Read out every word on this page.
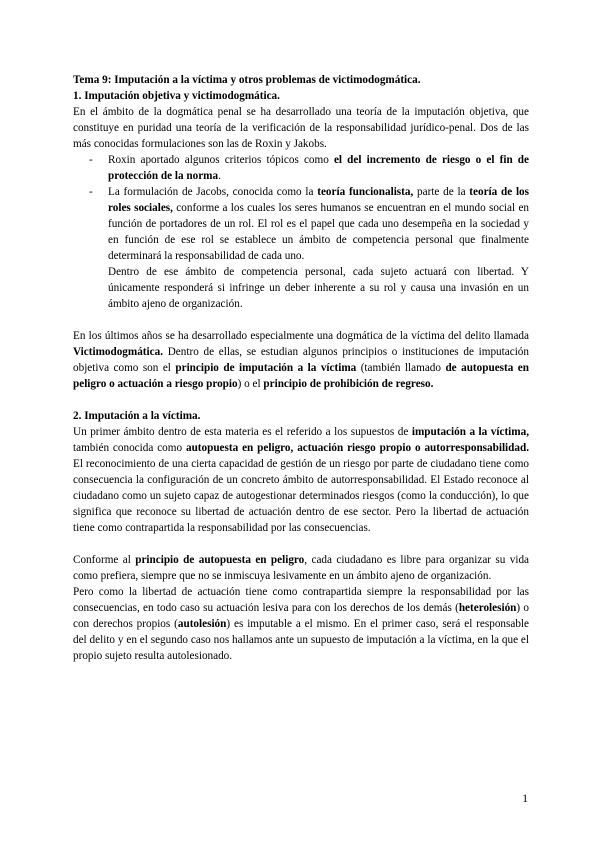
Tema 9: Imputación a la víctima y otros problemas de victimodogmática.

1. Imputación objetiva y victimodogmática.

En el ámbito de la dogmática penal se ha desarrollado una teoría de la imputación objetiva, que constituye en puridad una teoría de la verificación de la responsabilidad jurídico-penal. Dos de las más conocidas formulaciones son las de Roxin y Jakobs.

- Roxin aportado algunos criterios tópicos como el del incremento de riesgo o el fin de protección de la norma.
- La formulación de Jacobs, conocida como la teoría funcionalista, parte de la teoría de los roles sociales, conforme a los cuales los seres humanos se encuentran en el mundo social en función de portadores de un rol. El rol es el papel que cada uno desempeña en la sociedad y en función de ese rol se establece un ámbito de competencia personal que finalmente determinará la responsabilidad de cada uno.

Dentro de ese ámbito de competencia personal, cada sujeto actuará con libertad. Y únicamente responderá si infringe un deber inherente a su rol y causa una invasión en un ámbito ajeno de organización.

En los últimos años se ha desarrollado especialmente una dogmática de la víctima del delito llamada Victimodogmática. Dentro de ellas, se estudian algunos principios o instituciones de imputación objetiva como son el principio de imputación a la víctima (también llamado de autopuesta en peligro o actuación a riesgo propio) o el principio de prohibición de regreso.

2. Imputación a la víctima.

Un primer ámbito dentro de esta materia es el referido a los supuestos de imputación a la víctima, también conocida como autopuesta en peligro, actuación riesgo propio o autorresponsabilidad. El reconocimiento de una cierta capacidad de gestión de un riesgo por parte de ciudadano tiene como consecuencia la configuración de un concreto ámbito de autorresponsabilidad. El Estado reconoce al ciudadano como un sujeto capaz de autogestionar determinados riesgos (como la conducción), lo que significa que reconoce su libertad de actuación dentro de ese sector. Pero la libertad de actuación tiene como contrapartida la responsabilidad por las consecuencias.

Conforme al principio de autopuesta en peligro, cada ciudadano es libre para organizar su vida como prefiera, siempre que no se inmiscuya lesivamente en un ámbito ajeno de organización.

Pero como la libertad de actuación tiene como contrapartida siempre la responsabilidad por las consecuencias, en todo caso su actuación lesiva para con los derechos de los demás (heterolesión) o con derechos propios (autolesión) es imputable a el mismo. En el primer caso, será el responsable del delito y en el segundo caso nos hallamos ante un supuesto de imputación a la víctima, en la que el propio sujeto resulta autolesionado.

1
